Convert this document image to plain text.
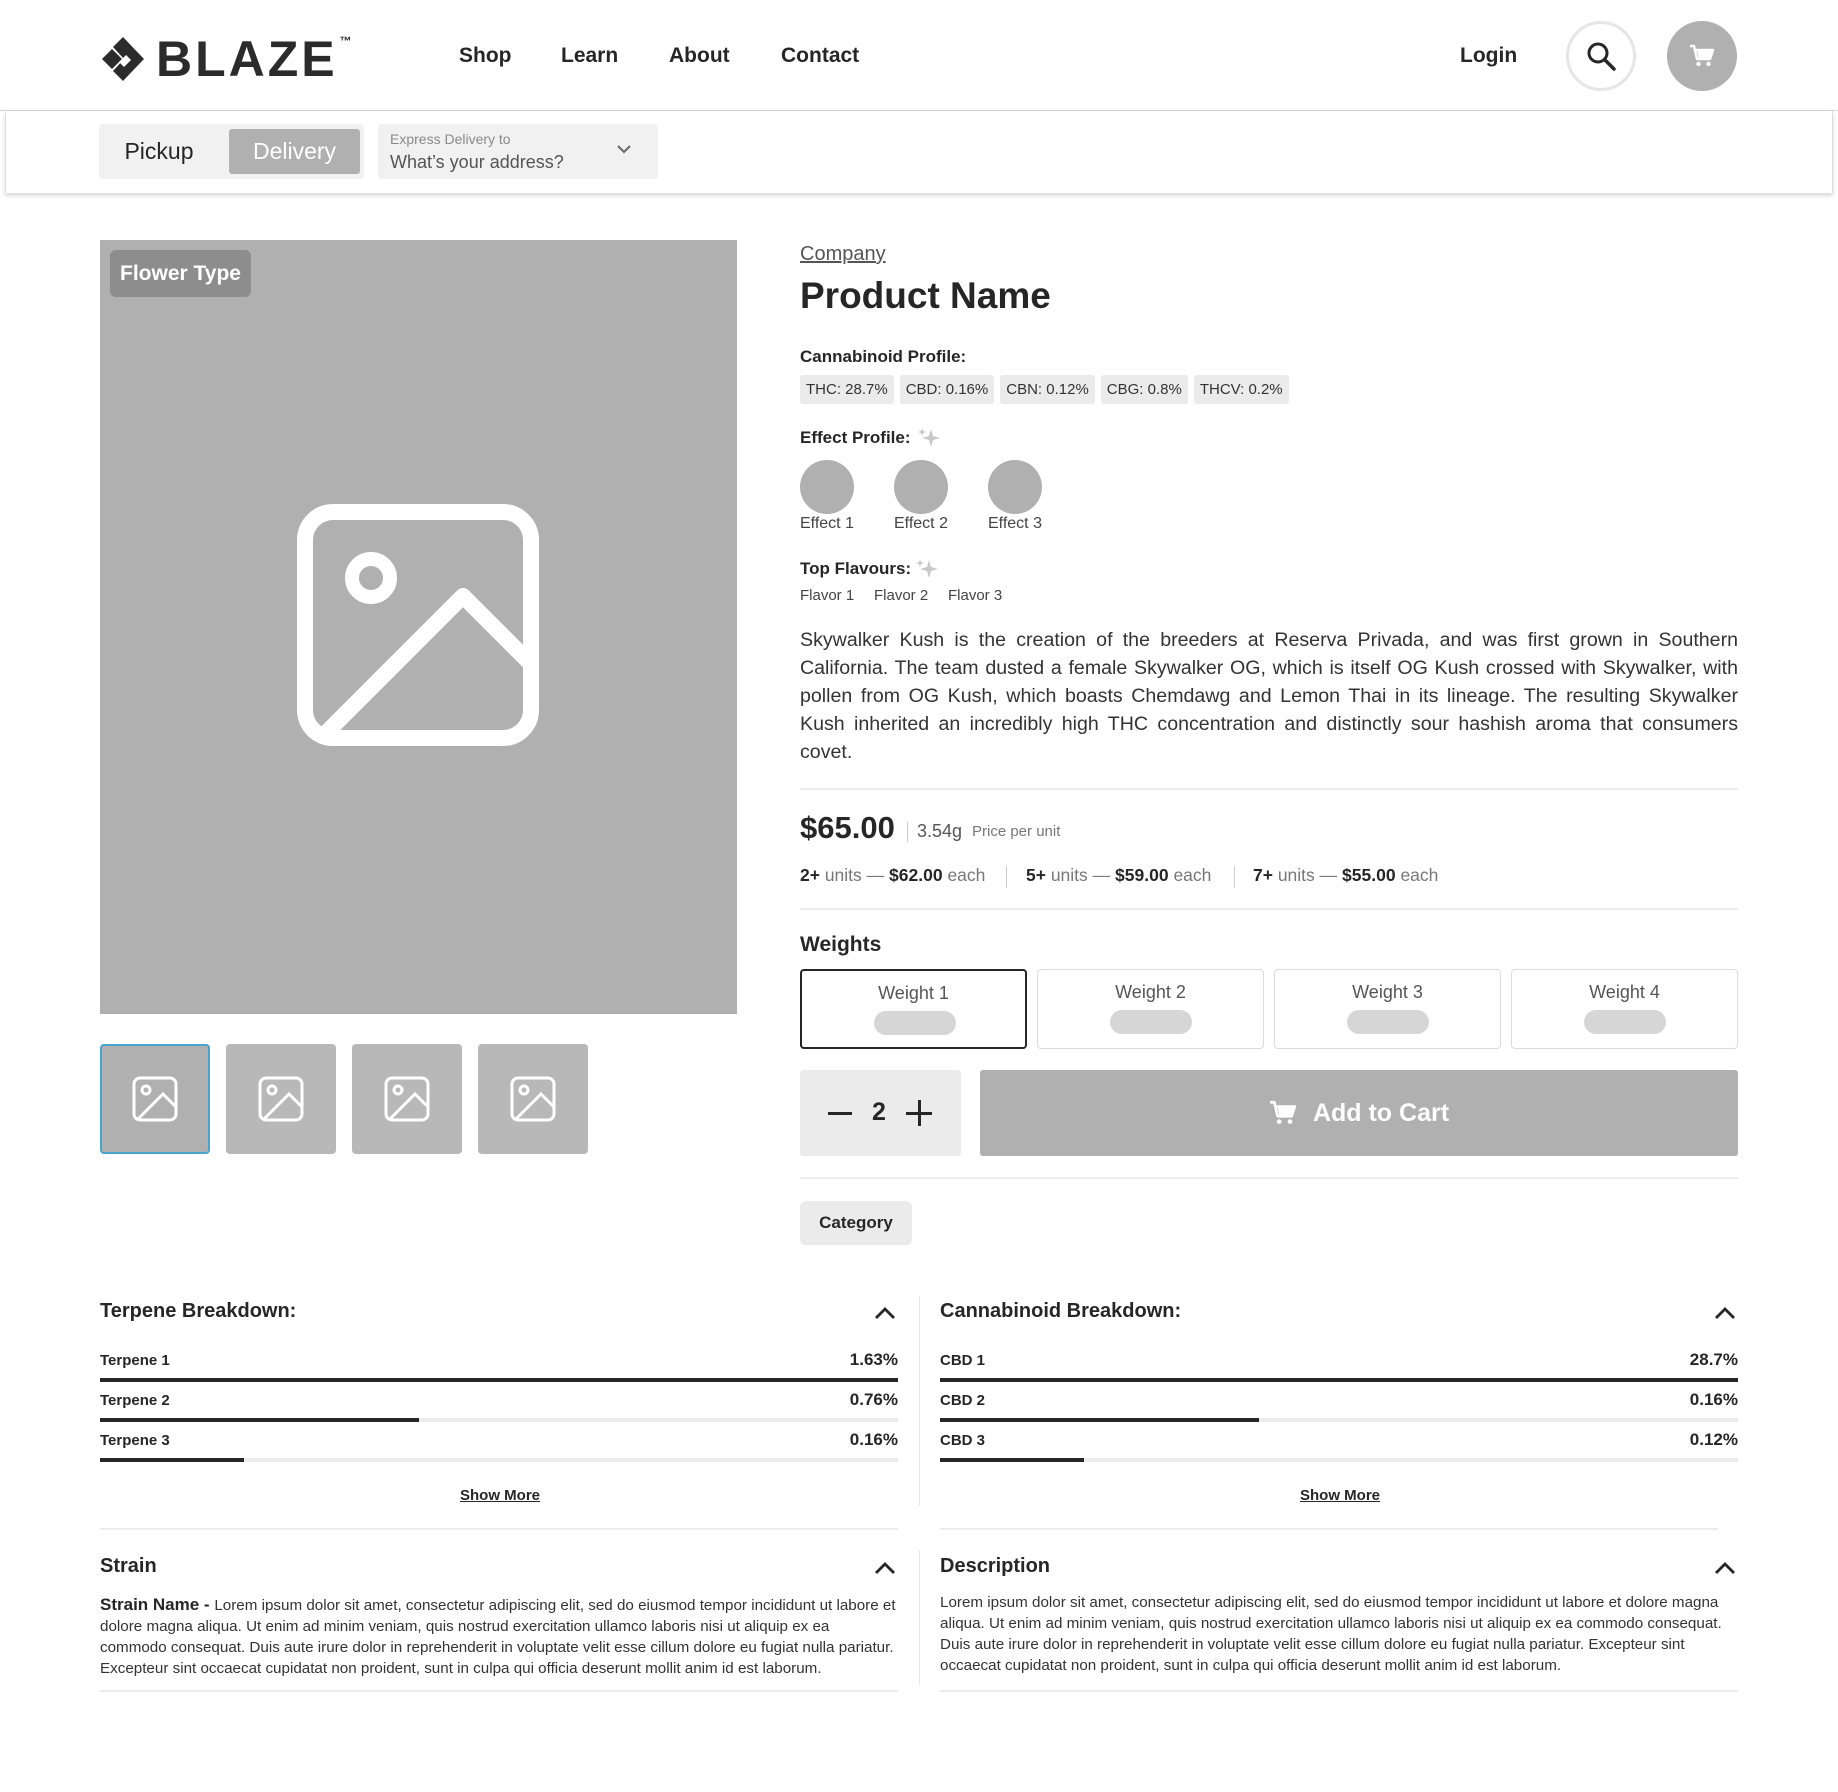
BLAZE ™
Shop Learn About Contact	Login
Pickup	Delivery	Express Delivery to
What’s your address?
Flower Type
Company
Product Name
Cannabinoid Profile:
THC: 28.7%	CBD: 0.16%	CBN: 0.12%	CBG: 0.8%	THCV: 0.2%
Effect Profile:
Effect 1	Effect 2	Effect 3
Top Flavours:
Flavor 1 Flavor 2 Flavor 3

Skywalker Kush is the creation of the breeders at Reserva Privada, and was first grown in Southern California. The team dusted a female Skywalker OG, which is itself OG Kush crossed with Skywalker, with pollen from OG Kush, which boasts Chemdawg and Lemon Thai in its lineage. The resulting Skywalker Kush inherited an incredibly high THC concentration and distinctly sour hashish aroma that consumers covet.

$65.00 3.54g Price per unit
2+ units — $62.00 each 5+ units — $59.00 each 7+ units — $55.00 each
Weights
Weight 1	Weight 2	Weight 3	Weight 4
2	Add to Cart
Category
Terpene Breakdown:
Terpene 1	1.63%
Terpene 2	0.76%
Terpene 3	0.16%
Show More
Cannabinoid Breakdown:
CBD 1	28.7%
CBD 2	0.16%
CBD 3	0.12%
Show More
Strain

Strain Name - Lorem ipsum dolor sit amet, consectetur adipiscing elit, sed do eiusmod tempor incididunt ut labore et dolore magna aliqua. Ut enim ad minim veniam, quis nostrud exercitation ullamco laboris nisi ut aliquip ex ea commodo consequat. Duis aute irure dolor in reprehenderit in voluptate velit esse cillum dolore eu fugiat nulla pariatur. Excepteur sint occaecat cupidatat non proident, sunt in culpa qui officia deserunt mollit anim id est laborum.

Description

Lorem ipsum dolor sit amet, consectetur adipiscing elit, sed do eiusmod tempor incididunt ut labore et dolore magna aliqua. Ut enim ad minim veniam, quis nostrud exercitation ullamco laboris nisi ut aliquip ex ea commodo consequat. Duis aute irure dolor in reprehenderit in voluptate velit esse cillum dolore eu fugiat nulla pariatur. Excepteur sint occaecat cupidatat non proident, sunt in culpa qui officia deserunt mollit anim id est laborum.
